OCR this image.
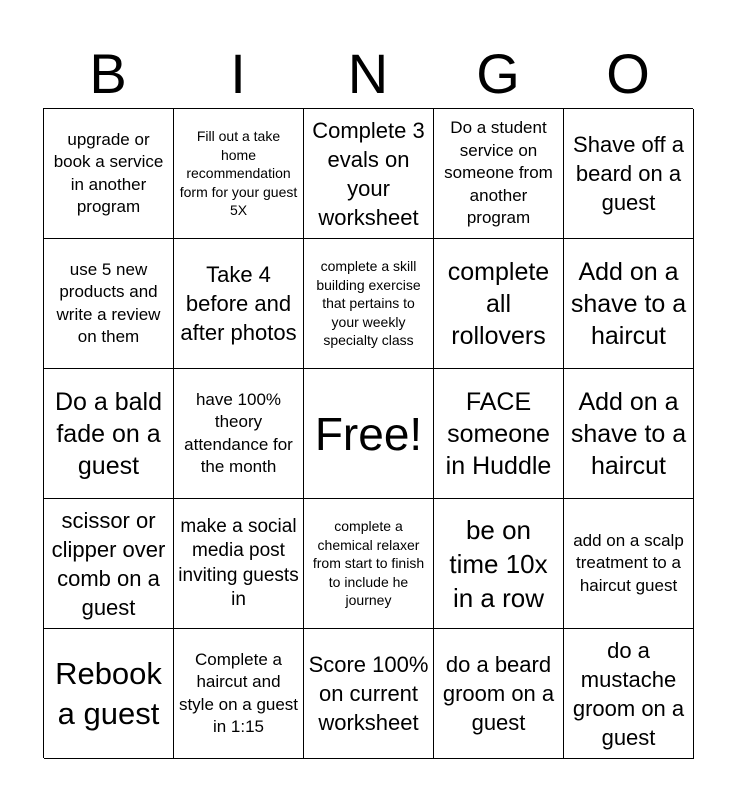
B	I	N	G	O
upgrade or book a service in another program
Fill out a take home recommendation form for your guest 5X
Complete 3 evals on your worksheet
Do a student service on someone from another program
Shave off a beard on a guest
use 5 new products and write a review on them
Take 4 before and after photos
complete a skill building exercise that pertains to your weekly specialty class
complete all rollovers
Add on a shave to a haircut
Do a bald fade on a guest
have 100% theory attendance for the month
Free!
FACE someone in Huddle
Add on a shave to a haircut
scissor or clipper over comb on a guest
make a social media post inviting guests in
complete a chemical relaxer from start to finish to include he journey
be on time 10x in a row
add on a scalp treatment to a haircut guest
Rebook a guest
Complete a haircut and style on a guest in 1:15
Score 100% on current worksheet
do a beard groom on a guest
do a mustache groom on a guest
